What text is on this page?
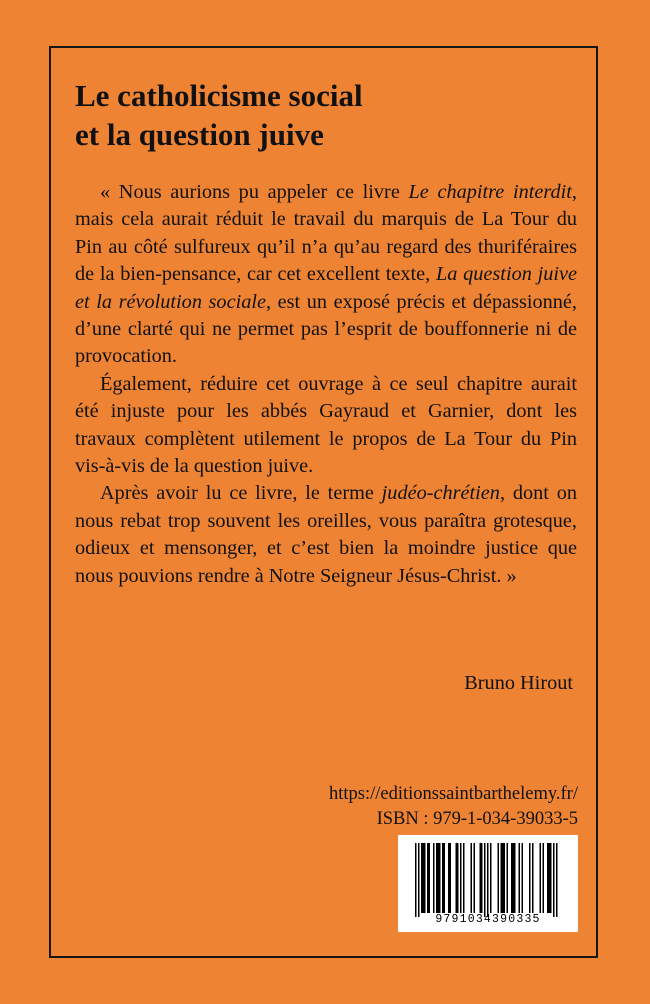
Le catholicisme social
et la question juive

« Nous aurions pu appeler ce livre Le chapitre interdit, mais cela aurait réduit le travail du marquis de La Tour du Pin au côté sulfureux qu’il n’a qu’au regard des thuriféraires de la bien-pensance, car cet excellent texte, La question juive et la révolution sociale, est un exposé précis et dépassionné, d’une clarté qui ne permet pas l’esprit de bouffonnerie ni de provocation.

Également, réduire cet ouvrage à ce seul chapitre aurait été injuste pour les abbés Gayraud et Garnier, dont les travaux complètent utilement le propos de La Tour du Pin vis-à-vis de la question juive.

Après avoir lu ce livre, le terme judéo-chrétien, dont on nous rebat trop souvent les oreilles, vous paraîtra grotesque, odieux et mensonger, et c’est bien la moindre justice que nous pouvions rendre à Notre Seigneur Jésus-Christ. »

Bruno Hirout
https://editionssaintbarthelemy.fr/
ISBN : 979-1-034-39033-5
9791034390335
